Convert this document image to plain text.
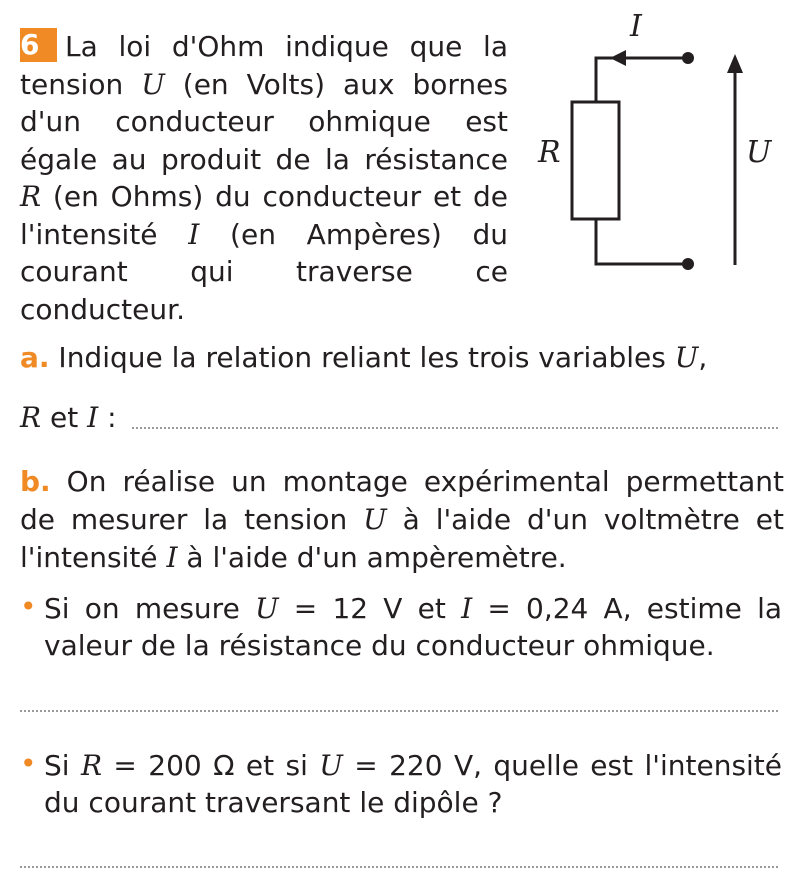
6 La loi d'Ohm indique que la tension U (en Volts) aux bornes d'un conducteur ohmique est égale au produit de la résistance R (en Ohms) du conducteur et de l'intensité I (en Ampères) du courant qui traverse ce conducteur.
I
R	U
a. Indique la relation reliant les trois variables U,
R et I :
b. On réalise un montage expérimental permettant de mesurer la tension U à l'aide d'un voltmètre et l'intensité I à l'aide d'un ampèremètre.
• Si on mesure U = 12 V et I = 0,24 A, estime la valeur de la résistance du conducteur ohmique.
• Si R = 200 Ω et si U = 220 V, quelle est l'intensité du courant traversant le dipôle ?
